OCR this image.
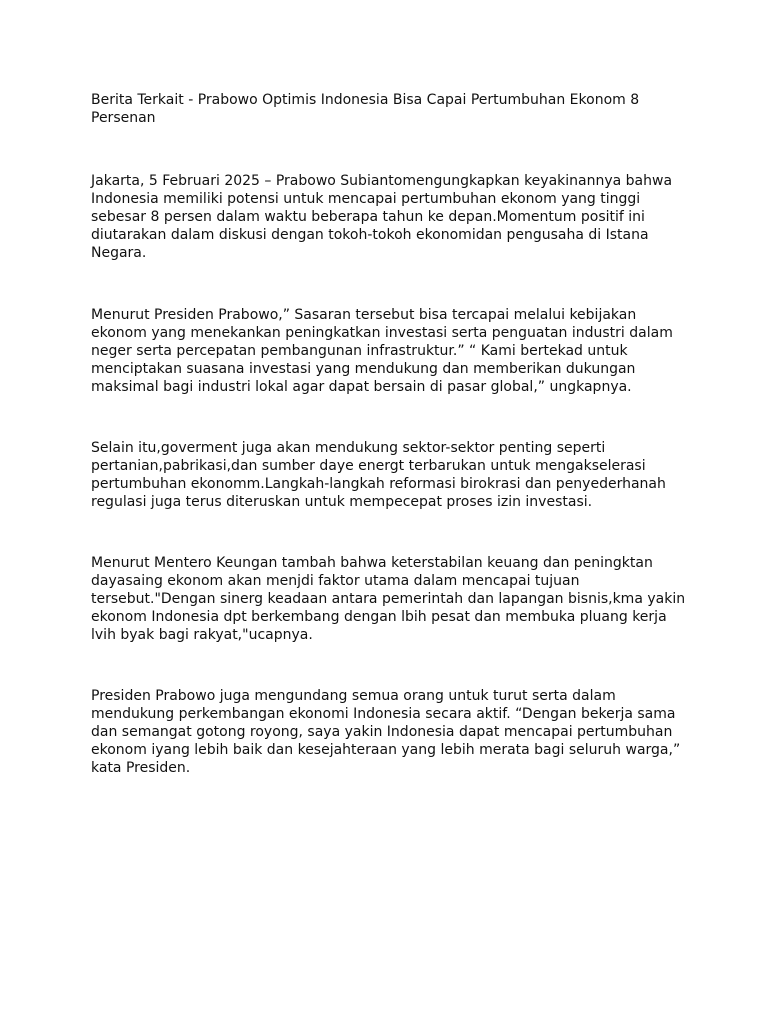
Berita Terkait - Prabowo Optimis Indonesia Bisa Capai Pertumbuhan Ekonom 8 Persenan

Jakarta, 5 Februari 2025 – Prabowo Subiantomengungkapkan keyakinannya bahwa Indonesia memiliki potensi untuk mencapai pertumbuhan ekonom yang tinggi sebesar 8 persen dalam waktu beberapa tahun ke depan.Momentum positif ini diutarakan dalam diskusi dengan tokoh-tokoh ekonomidan pengusaha di Istana Negara.

Menurut Presiden Prabowo,” Sasaran tersebut bisa tercapai melalui kebijakan ekonom yang menekankan peningkatkan investasi serta penguatan industri dalam neger serta percepatan pembangunan infrastruktur.” “ Kami bertekad untuk menciptakan suasana investasi yang mendukung dan memberikan dukungan maksimal bagi industri lokal agar dapat bersain di pasar global,” ungkapnya.

Selain itu,goverment juga akan mendukung sektor-sektor penting seperti pertanian,pabrikasi,dan sumber daye energt terbarukan untuk mengakselerasi pertumbuhan ekonomm.Langkah-langkah reformasi birokrasi dan penyederhanah regulasi juga terus diteruskan untuk mempecepat proses izin investasi.

Menurut Mentero Keungan tambah bahwa keterstabilan keuang dan peningktan dayasaing ekonom akan menjdi faktor utama dalam mencapai tujuan tersebut."Dengan sinerg keadaan antara pemerintah dan lapangan bisnis,kma yakin ekonom Indonesia dpt berkembang dengan lbih pesat dan membuka pluang kerja lvih byak bagi rakyat,"ucapnya.

Presiden Prabowo juga mengundang semua orang untuk turut serta dalam mendukung perkembangan ekonomi Indonesia secara aktif. “Dengan bekerja sama dan semangat gotong royong, saya yakin Indonesia dapat mencapai pertumbuhan ekonom iyang lebih baik dan kesejahteraan yang lebih merata bagi seluruh warga,” kata Presiden.
